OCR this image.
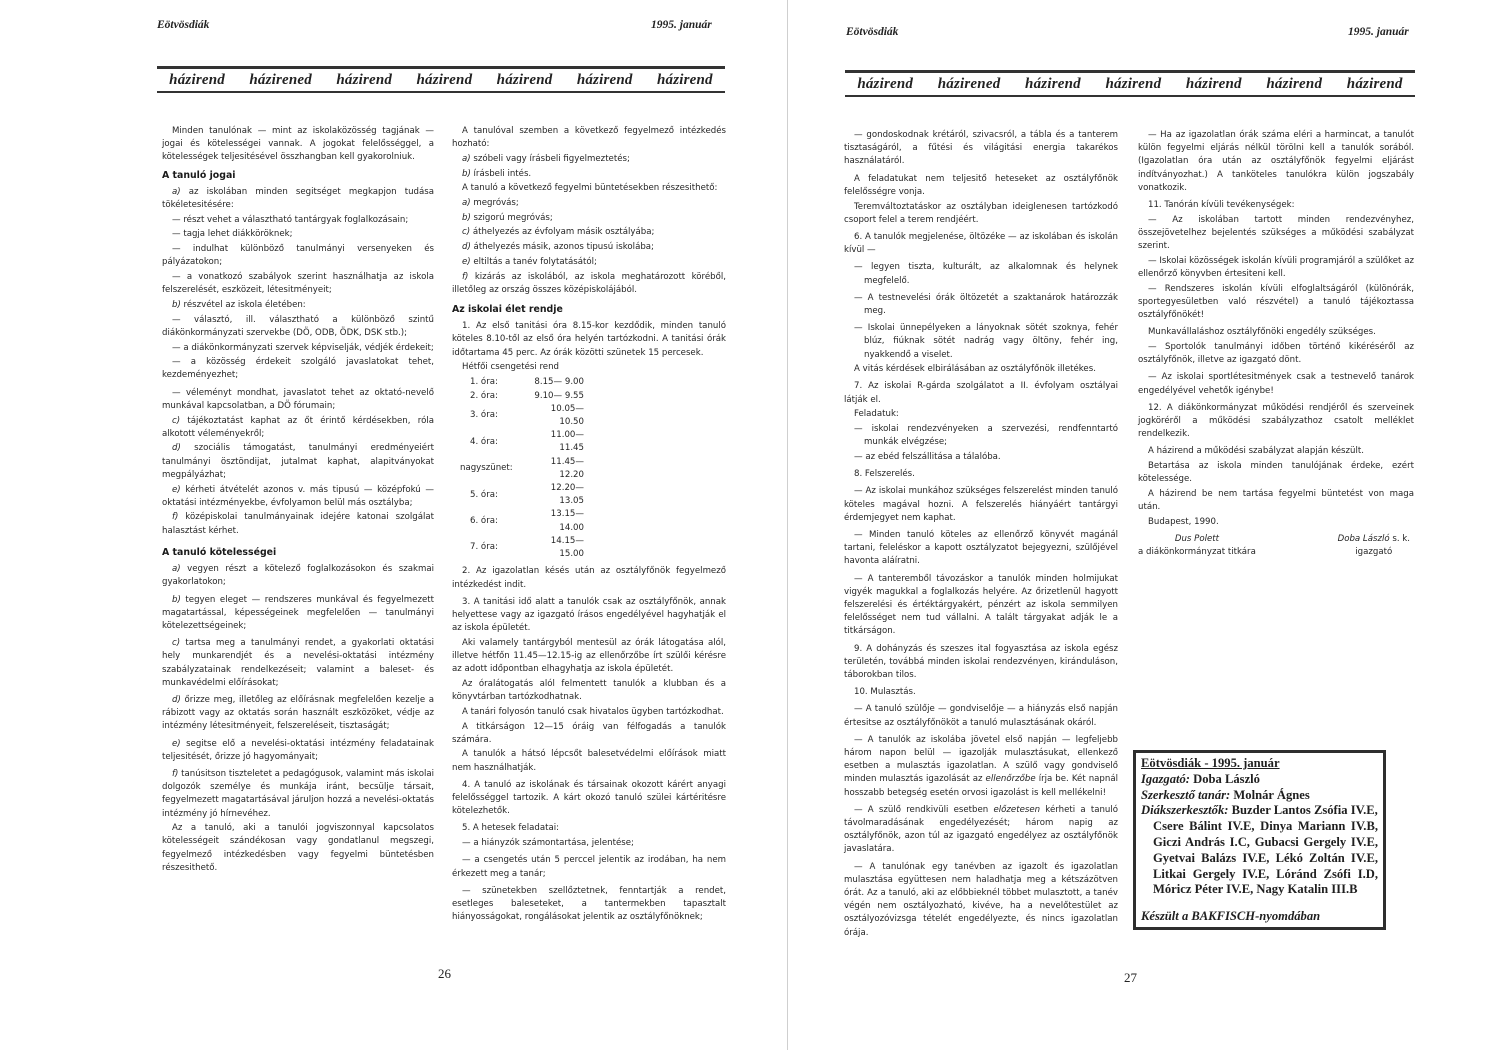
Eötvösdiák	1995. január
házirend házirened házirend házirend házirend házirend házirend

Minden tanulónak — mint az iskolaközösség tagjának — jogai és kötelességei vannak. A jogokat felelősséggel, a kötelességek teljesitésével összhangban kell gyakorolniuk.

A tanuló jogai

a) az iskolában minden segitséget megkapjon tudása tökéletesitésére:

— részt vehet a választható tantárgyak foglalkozásain;

— tagja lehet diákköröknek;

— indulhat különböző tanulmányi versenyeken és pályázatokon;

— a vonatkozó szabályok szerint használhatja az iskola felszerelését, eszközeit, létesitményeit;

b) részvétel az iskola életében:

— választó, ill. választható a különböző szintű diákönkormányzati szervekbe (DÖ, ODB, ÖDK, DSK stb.);

— a diákönkormányzati szervek képviselják, védjék érdekeit;

— a közösség érdekeit szolgáló javaslatokat tehet, kezdeményezhet;

— véleményt mondhat, javaslatot tehet az oktató-nevelő munkával kapcsolatban, a DÖ fórumain;

c) tájékoztatást kaphat az őt érintő kérdésekben, róla alkotott véleményekről;

d) szociális támogatást, tanulmányi eredményeiért tanulmányi ösztöndijat, jutalmat kaphat, alapitványokat megpályázhat;

e) kérheti átvételét azonos v. más tipusú — középfokú — oktatási intézményekbe, évfolyamon belül más osztályba;

f) középiskolai tanulmányainak idejére katonai szolgálat halasztást kérhet.

A tanuló kötelességei

a) vegyen részt a kötelező foglalkozásokon és szakmai gyakorlatokon;

b) tegyen eleget — rendszeres munkával és fegyelmezett magatartással, képességeinek megfelelően — tanulmányi kötelezettségeinek;

c) tartsa meg a tanulmányi rendet, a gyakorlati oktatási hely munkarendjét és a nevelési-oktatási intézmény szabályzatainak rendelkezéseit; valamint a baleset- és munkavédelmi előírásokat;

d) őrizze meg, illetőleg az előírásnak megfelelően kezelje a rábizott vagy az oktatás során használt eszközöket, védje az intézmény létesitményeit, felszereléseit, tisztaságát;

e) segitse elő a nevelési-oktatási intézmény feladatainak teljesitését, őrizze jó hagyományait;

f) tanúsitson tiszteletet a pedagógusok, valamint más iskolai dolgozók személye és munkája iránt, becsülje társait, fegyelmezett magatartásával járuljon hozzá a nevelési-oktatás intézmény jó hírnevéhez.

Az a tanuló, aki a tanulói jogviszonnyal kapcsolatos kötelességeit szándékosan vagy gondatlanul megszegi, fegyelmező intézkedésben vagy fegyelmi büntetésben részesithető.

A tanulóval szemben a következő fegyelmező intézkedés hozható:

a) szóbeli vagy írásbeli figyelmeztetés;

b) írásbeli intés.

A tanuló a következő fegyelmi büntetésekben részesithető:

a) megróvás;

b) szigorú megróvás;

c) áthelyezés az évfolyam másik osztályába;

d) áthelyezés másik, azonos tipusú iskolába;

e) eltiltás a tanév folytatásától;

f) kizárás az iskolából, az iskola meghatározott köréből, illetőleg az ország összes középiskolájából.

Az iskolai élet rendje

1. Az első tanitási óra 8.15-kor kezdődik, minden tanuló köteles 8.10-től az első óra helyén tartózkodni. A tanitási órák időtartama 45 perc. Az órák közötti szünetek 15 percesek.

Hétfői csengetési rend

1. óra:	8.15— 9.00
2. óra:	9.10— 9.55
3. óra:	10.05—10.50
4. óra:	11.00—11.45
nagyszünet:	11.45—12.20
5. óra:	12.20—13.05
6. óra:	13.15—14.00
7. óra:	14.15—15.00

2. Az igazolatlan késés után az osztályfőnök fegyelmező intézkedést indit.

3. A tanitási idő alatt a tanulók csak az osztályfőnök, annak helyettese vagy az igazgató írásos engedélyével hagyhatják el az iskola épületét.

Aki valamely tantárgyból mentesül az órák látogatása alól, illetve hétfőn 11.45—12.15-ig az ellenőrzőbe írt szülői kérésre az adott időpontban elhagyhatja az iskola épületét.

Az óralátogatás alól felmentett tanulók a klubban és a könyvtárban tartózkodhatnak.

A tanári folyosón tanuló csak hivatalos ügyben tartózkodhat.

A titkárságon 12—15 óráig van félfogadás a tanulók számára.

A tanulók a hátsó lépcsőt balesetvédelmi előírások miatt nem használhatják.

4. A tanuló az iskolának és társainak okozott kárért anyagi felelősséggel tartozik. A kárt okozó tanuló szülei kártéritésre kötelezhetők.

5. A hetesek feladatai:

— a hiányzók számontartása, jelentése;

— a csengetés után 5 perccel jelentik az irodában, ha nem érkezett meg a tanár;

— szünetekben szellőztetnek, fenntartják a rendet, esetleges baleseteket, a tantermekben tapasztalt hiányosságokat, rongálásokat jelentik az osztályfőnöknek;

26
Eötvösdiák	1995. január
házirend házirened házirend házirend házirend házirend házirend

— gondoskodnak krétáról, szivacsról, a tábla és a tanterem tisztaságáról, a fűtési és világitási energia takarékos használatáról.

A feladatukat nem teljesitő heteseket az osztályfőnök felelősségre vonja.

Teremváltoztatáskor az osztályban ideiglenesen tartózkodó csoport felel a terem rendjéért.

6. A tanulók megjelenése, öltözéke — az iskolában és iskolán kívül —

— legyen tiszta, kulturált, az alkalomnak és helynek megfelelő.

— A testnevelési órák öltözetét a szaktanárok határozzák meg.

— Iskolai ünnepélyeken a lányoknak sötét szoknya, fehér blúz, fiúknak sötét nadrág vagy öltöny, fehér ing, nyakkendő a viselet.

A vitás kérdések elbirálásában az osztályfőnök illetékes.

7. Az iskolai R-gárda szolgálatot a II. évfolyam osztályai látják el.

Feladatuk:

— iskolai rendezvényeken a szervezési, rendfenntartó munkák elvégzése;

— az ebéd felszállitása a tálalóba.

8. Felszerelés.

— Az iskolai munkához szükséges felszerelést minden tanuló köteles magával hozni. A felszerelés hiányáért tantárgyi érdemjegyet nem kaphat.

— Minden tanuló köteles az ellenőrző könyvét magánál tartani, feleléskor a kapott osztályzatot bejegyezni, szülőjével havonta aláíratni.

— A tanteremből távozáskor a tanulók minden holmijukat vigyék magukkal a foglalkozás helyére. Az őrizetlenül hagyott felszerelési és értéktárgyakért, pénzért az iskola semmilyen felelősséget nem tud vállalni. A talált tárgyakat adják le a titkárságon.

9. A dohányzás és szeszes ital fogyasztása az iskola egész területén, továbbá minden iskolai rendezvényen, kiránduláson, táborokban tilos.

10. Mulasztás.

— A tanuló szülője — gondviselője — a hiányzás első napján értesitse az osztályfőnököt a tanuló mulasztásának okáról.

— A tanulók az iskolába jövetel első napján — legfeljebb három napon belül — igazolják mulasztásukat, ellenkező esetben a mulasztás igazolatlan. A szülő vagy gondviselő minden mulasztás igazolását az ellenőrzőbe írja be. Két napnál hosszabb betegség esetén orvosi igazolást is kell mellékelni!

— A szülő rendkivüli esetben előzetesen kérheti a tanuló távolmaradásának engedélyezését; három napig az osztályfőnök, azon túl az igazgató engedélyez az osztályfőnök javaslatára.

— A tanulónak egy tanévben az igazolt és igazolatlan mulasztása együttesen nem haladhatja meg a kétszázötven órát. Az a tanuló, aki az előbbieknél többet mulasztott, a tanév végén nem osztályozható, kivéve, ha a nevelőtestület az osztályozóvizsga tételét engedélyezte, és nincs igazolatlan órája.

— Ha az igazolatlan órák száma eléri a harmincat, a tanulót külön fegyelmi eljárás nélkül törölni kell a tanulók sorából. (Igazolatlan óra után az osztályfőnök fegyelmi eljárást indítványozhat.) A tanköteles tanulókra külön jogszabály vonatkozik.

11. Tanórán kívüli tevékenységek:

— Az iskolában tartott minden rendezvényhez, összejövetelhez bejelentés szükséges a működési szabályzat szerint.

— Iskolai közösségek iskolán kívüli programjáról a szülőket az ellenőrző könyvben értesiteni kell.

— Rendszeres iskolán kívüli elfoglaltságáról (különórák, sportegyesületben való részvétel) a tanuló tájékoztassa osztályfőnökét!

Munkavállaláshoz osztályfőnöki engedély szükséges.

— Sportolók tanulmányi időben történő kikéréséről az osztályfőnök, illetve az igazgató dönt.

— Az iskolai sportlétesitmények csak a testnevelő tanárok engedélyével vehetők igénybe!

12. A diákönkormányzat működési rendjéről és szerveinek jogköréről a működési szabályzathoz csatolt melléklet rendelkezik.

A házirend a működési szabályzat alapján készült.

Betartása az iskola minden tanulójának érdeke, ezért kötelessége.

A házirend be nem tartása fegyelmi büntetést von maga után.

Budapest, 1990.

Dus Polett
a diákönkormányzat titkára
Doba László s. k.
igazgató
27
Eötvösdiák - 1995. január
Igazgató: Doba László
Szerkesztő tanár: Molnár Ágnes
Diákszerkesztők: Buzder Lantos Zsófia IV.E,
Csere Bálint IV.E, Dinya Mariann IV.B, Giczi András I.C, Gubacsi Gergely IV.E, Gyetvai Balázs IV.E, Lékó Zoltán IV.E, Litkai Gergely IV.E, Lóránd Zsófi I.D, Móricz Péter IV.E, Nagy Katalin III.B
Készült a BAKFISCH-nyomdában
